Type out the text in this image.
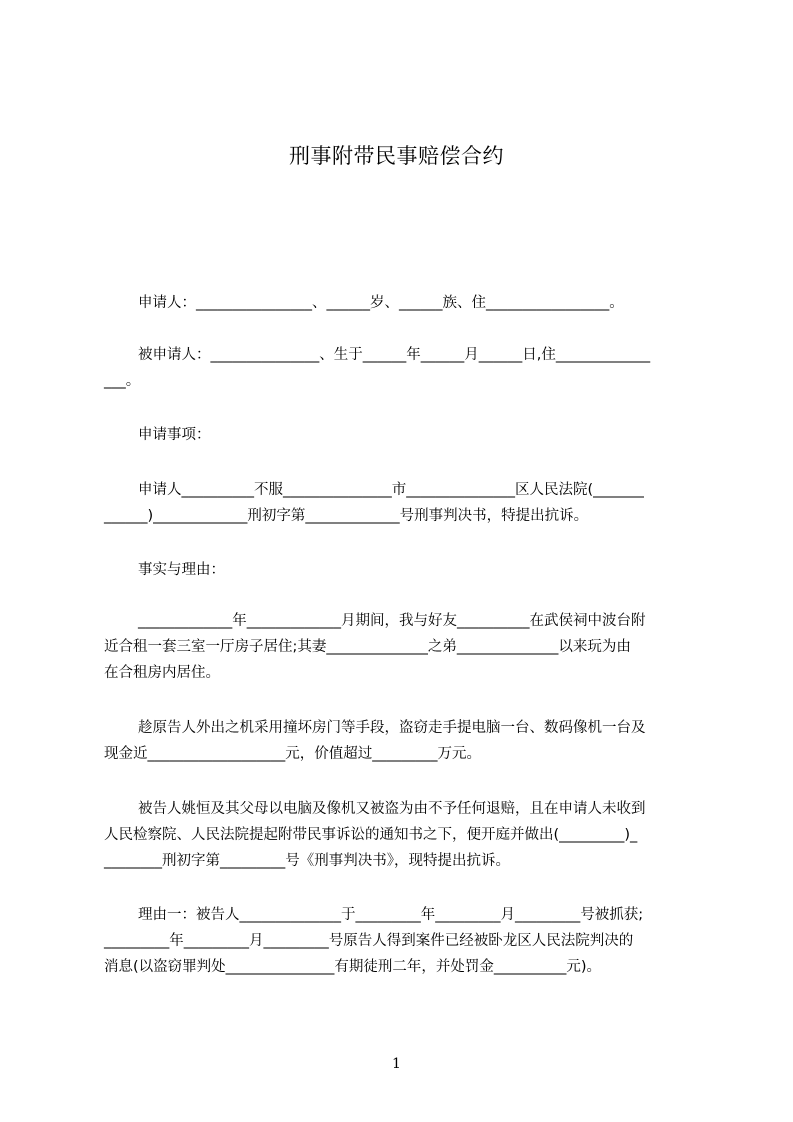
刑事附带民事赔偿合约
申请人：________________、______岁、______族、住_________________。
被申请人：_______________、生于______年______月______日,住_____________
___。
申请事项：
申请人__________不服_______________市_______________区人民法院(_______
______)_____________刑初字第_____________号刑事判决书，特提出抗诉。
事实与理由：
_____________年_____________月期间，我与好友__________在武侯祠中波台附
近合租一套三室一厅房子居住;其妻______________之弟______________以来玩为由
在合租房内居住。
趁原告人外出之机采用撞坏房门等手段，盗窃走手提电脑一台、数码像机一台及
现金近___________________元，价值超过_________万元。
被告人姚恒及其父母以电脑及像机又被盗为由不予任何退赔，且在申请人未收到
人民检察院、人民法院提起附带民事诉讼的通知书之下，便开庭并做出(_________)_
________刑初字第_________号《刑事判决书》，现特提出抗诉。
理由一：被告人______________于_________年_________月_________号被抓获;
_________年_________月_________号原告人得到案件已经被卧龙区人民法院判决的
消息(以盗窃罪判处_______________有期徒刑二年，并处罚金__________元)。
1
